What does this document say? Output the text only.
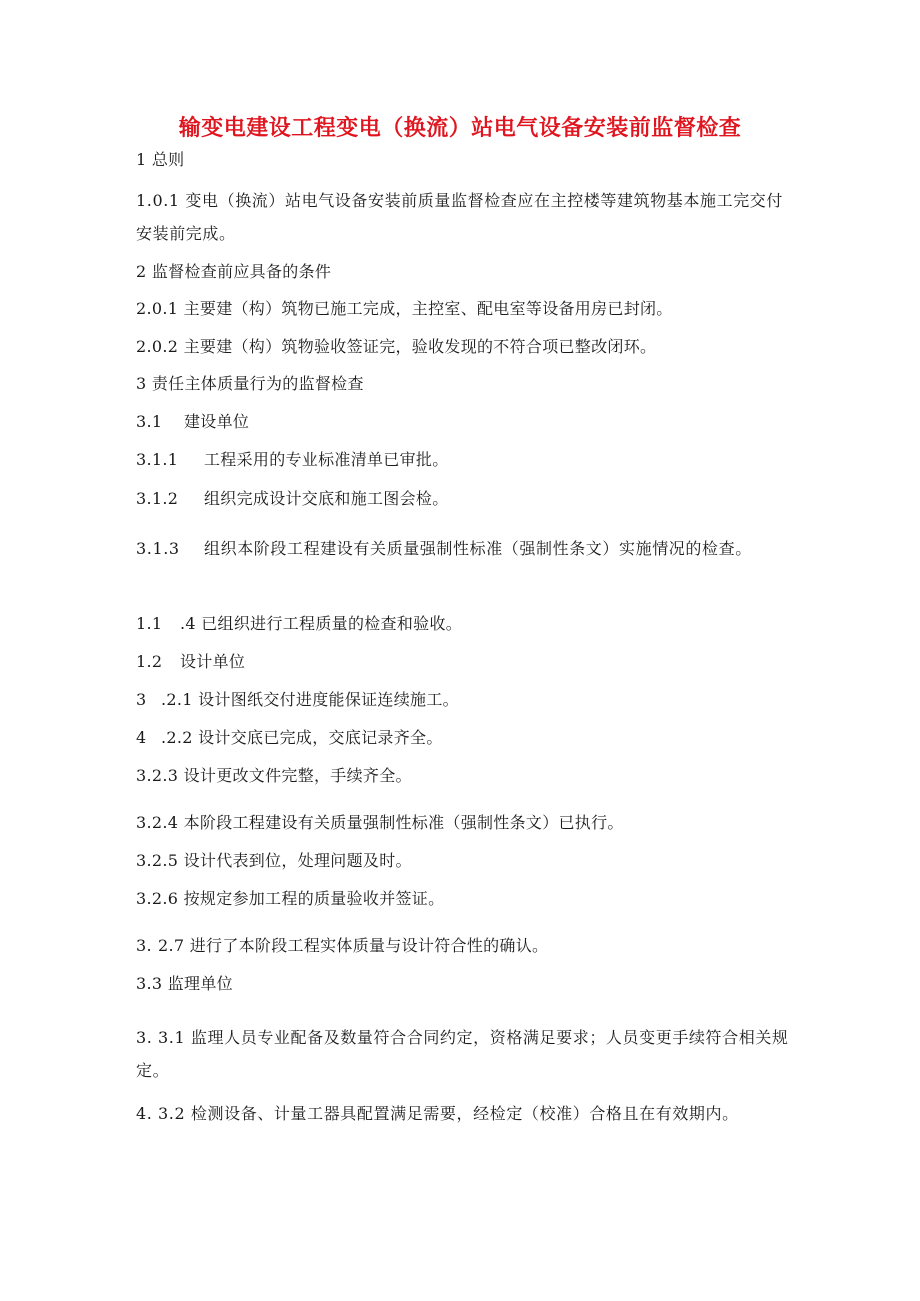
输变电建设工程变电（换流）站电气设备安装前监督检查
1 总则
1.0.1 变电（换流）站电气设备安装前质量监督检查应在主控楼等建筑物基本施工完交付安装前完成。
2 监督检查前应具备的条件
2.0.1 主要建（构）筑物已施工完成，主控室、配电室等设备用房已封闭。
2.0.2 主要建（构）筑物验收签证完，验收发现的不符合项已整改闭环。
3 责任主体质量行为的监督检查
3.1 建设单位
3.1.1 工程采用的专业标准清单已审批。
3.1.2 组织完成设计交底和施工图会检。
3.1.3 组织本阶段工程建设有关质量强制性标准（强制性条文）实施情况的检查。
1.1 .4 已组织进行工程质量的检查和验收。
1.2 设计单位
3 .2.1 设计图纸交付进度能保证连续施工。
4 .2.2 设计交底已完成，交底记录齐全。
3.2.3 设计更改文件完整，手续齐全。
3.2.4 本阶段工程建设有关质量强制性标准（强制性条文）已执行。
3.2.5 设计代表到位，处理问题及时。
3.2.6 按规定参加工程的质量验收并签证。
3. 2.7 进行了本阶段工程实体质量与设计符合性的确认。
3.3 监理单位
3. 3.1 监理人员专业配备及数量符合合同约定，资格满足要求；人员变更手续符合相关规定。
4. 3.2 检测设备、计量工器具配置满足需要，经检定（校准）合格且在有效期内。
